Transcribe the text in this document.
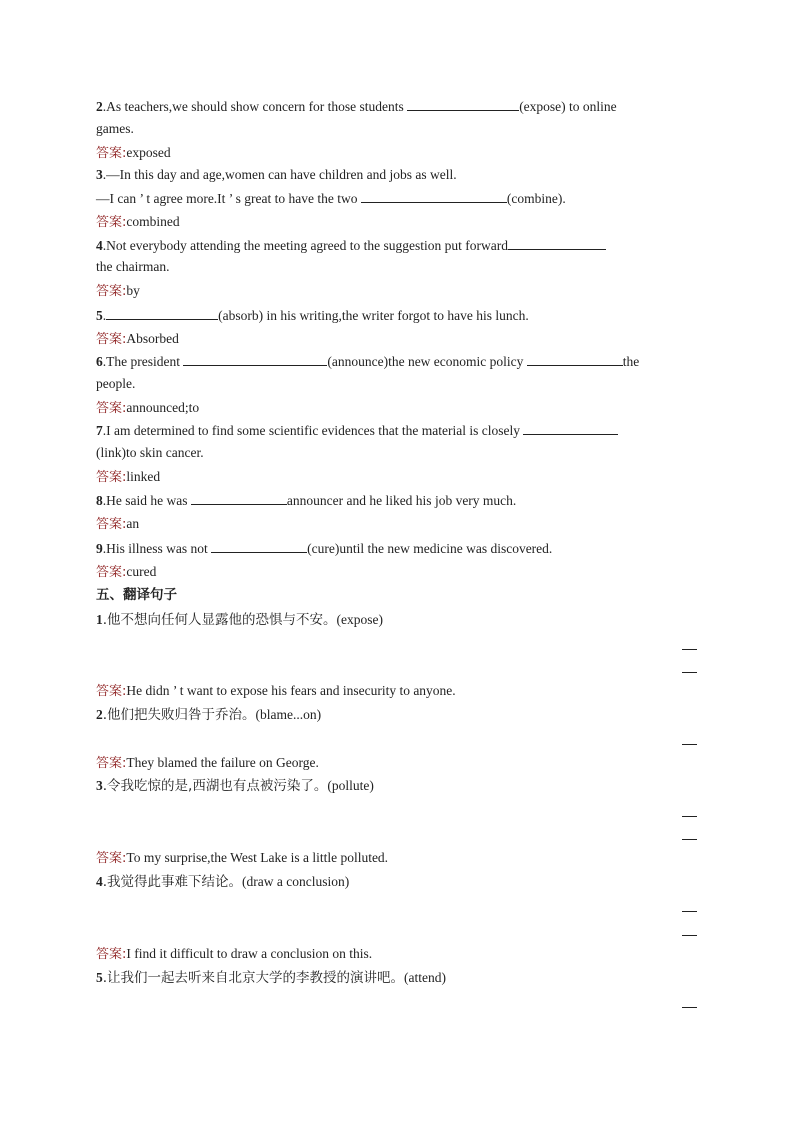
2.As teachers,we should show concern for those students	(expose) to online
games.
答案:exposed
3.—In this day and age,women can have children and jobs as well.
—I can ’ t agree more.It ’ s great to have the two	(combine).
答案:combined
4.Not everybody attending the meeting agreed to the suggestion put forward
the chairman.
答案:by
5.	(absorb) in his writing,the writer forgot to have his lunch.
答案:Absorbed
6.The president	(announce)the new economic policy	the
people.
答案:announced;to
7.I am determined to find some scientific evidences that the material is closely
(link)to skin cancer.
答案:linked
8.He said he was	announcer and he liked his job very much.
答案:an
9.His illness was not	(cure)until the new medicine was discovered.
答案:cured
五、翻译句子
1.他不想向任何人显露他的恐惧与不安。(expose)
答案:He didn ’ t want to expose his fears and insecurity to anyone.
2.他们把失败归咎于乔治。(blame...on)
答案:They blamed the failure on George.
3.令我吃惊的是,西湖也有点被污染了。(pollute)
答案:To my surprise,the West Lake is a little polluted.
4.我觉得此事难下结论。(draw a conclusion)
答案:I find it difficult to draw a conclusion on this.
5.让我们一起去听来自北京大学的李教授的演讲吧。(attend)
